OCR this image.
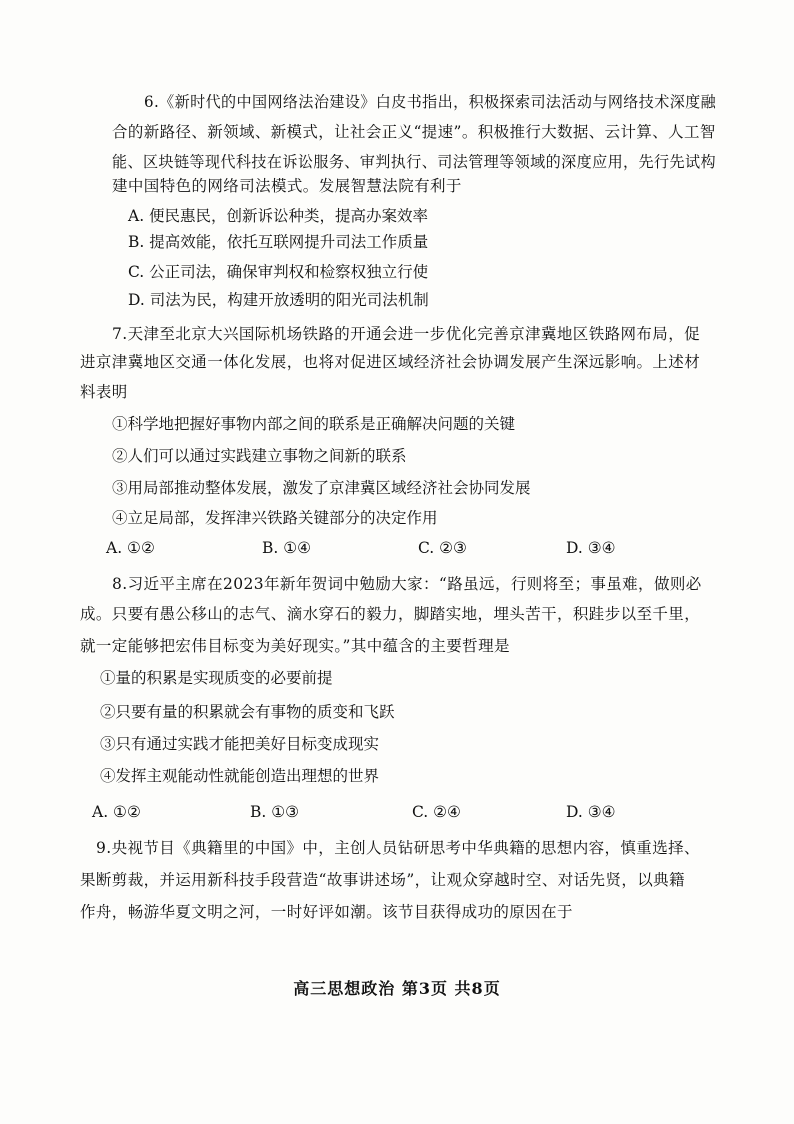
6.《新时代的中国网络法治建设》白皮书指出，积极探索司法活动与网络技术深度融
合的新路径、新领域、新模式，让社会正义“提速”。积极推行大数据、云计算、人工智
能、区块链等现代科技在诉讼服务、审判执行、司法管理等领域的深度应用，先行先试构
建中国特色的网络司法模式。发展智慧法院有利于
A. 便民惠民，创新诉讼种类，提高办案效率
B. 提高效能，依托互联网提升司法工作质量
C. 公正司法，确保审判权和检察权独立行使
D. 司法为民，构建开放透明的阳光司法机制
7.天津至北京大兴国际机场铁路的开通会进一步优化完善京津冀地区铁路网布局，促
进京津冀地区交通一体化发展，也将对促进区域经济社会协调发展产生深远影响。上述材
料表明
①科学地把握好事物内部之间的联系是正确解决问题的关键
②人们可以通过实践建立事物之间新的联系
③用局部推动整体发展，激发了京津冀区域经济社会协同发展
④立足局部，发挥津兴铁路关键部分的决定作用
A. ①②	B. ①④	C. ②③	D. ③④
8.习近平主席在2023年新年贺词中勉励大家：“路虽远，行则将至；事虽难，做则必
成。只要有愚公移山的志气、滴水穿石的毅力，脚踏实地，埋头苦干，积跬步以至千里，
就一定能够把宏伟目标变为美好现实。”其中蕴含的主要哲理是
①量的积累是实现质变的必要前提
②只要有量的积累就会有事物的质变和飞跃
③只有通过实践才能把美好目标变成现实
④发挥主观能动性就能创造出理想的世界
A. ①②	B. ①③	C. ②④	D. ③④
9.央视节目《典籍里的中国》中，主创人员钻研思考中华典籍的思想内容，慎重选择、
果断剪裁，并运用新科技手段营造“故事讲述场”，让观众穿越时空、对话先贤，以典籍
作舟，畅游华夏文明之河，一时好评如潮。该节目获得成功的原因在于
高三思想政治 第3页 共8页
